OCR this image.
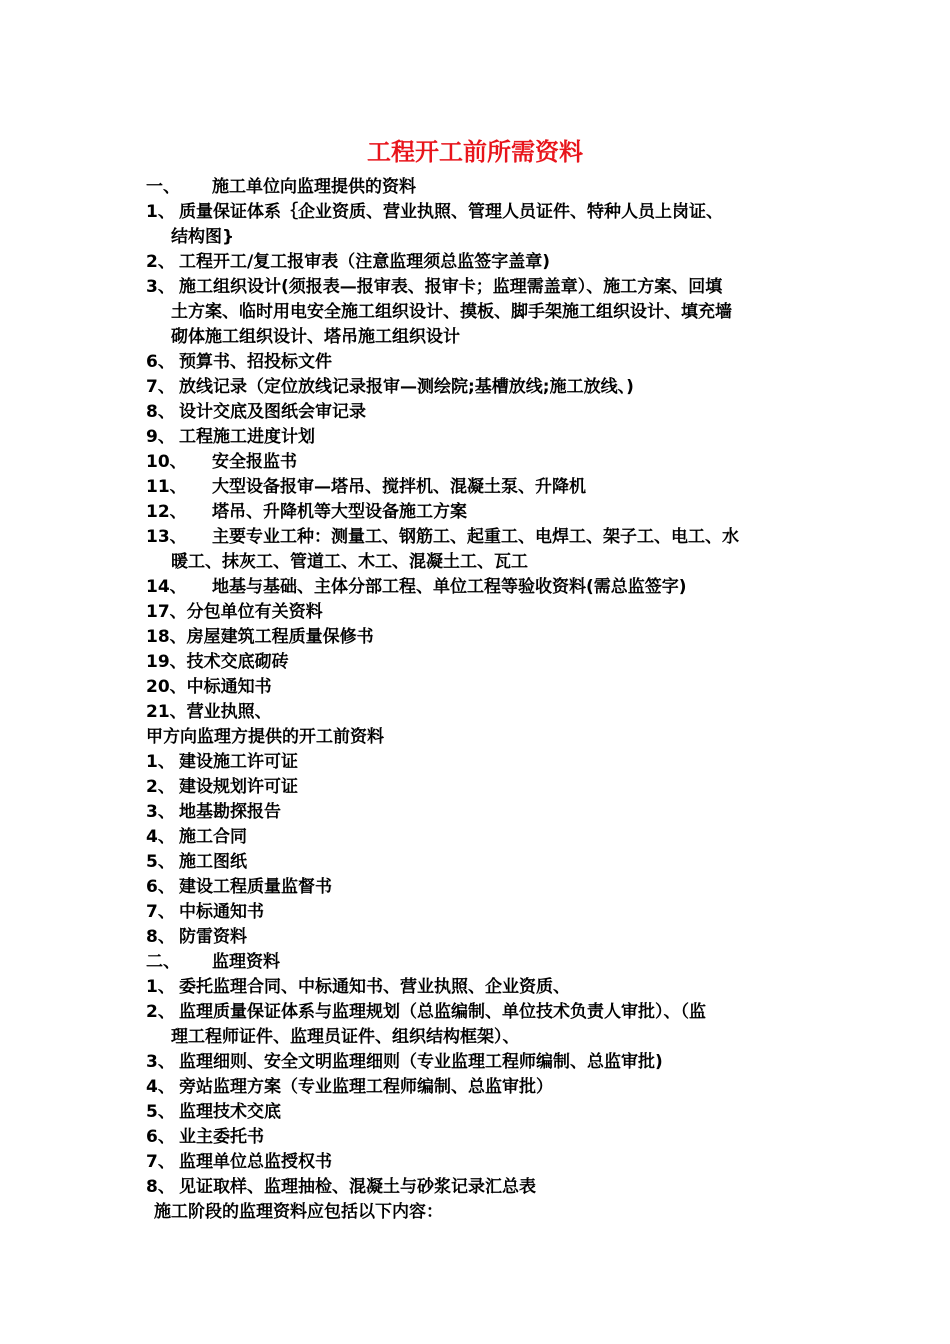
工程开工前所需资料
一、 施工单位向监理提供的资料
1、 质量保证体系｛企业资质、营业执照、管理人员证件、特种人员上岗证、
结构图}
2、 工程开工/复工报审表（注意监理须总监签字盖章)
3、 施工组织设计(须报表—报审表、报审卡；监理需盖章）、施工方案、回填
土方案、临时用电安全施工组织设计、摸板、脚手架施工组织设计、填充墙
砌体施工组织设计、塔吊施工组织设计
6、 预算书、招投标文件
7、 放线记录（定位放线记录报审—测绘院;基槽放线;施工放线、)
8、 设计交底及图纸会审记录
9、 工程施工进度计划
10、 安全报监书
11、 大型设备报审—塔吊、搅拌机、混凝土泵、升降机
12、 塔吊、升降机等大型设备施工方案
13、 主要专业工种：测量工、钢筋工、起重工、电焊工、架子工、电工、水
暖工、抹灰工、管道工、木工、混凝土工、瓦工
14、 地基与基础、主体分部工程、单位工程等验收资料(需总监签字)
17、分包单位有关资料
18、房屋建筑工程质量保修书
19、技术交底砌砖
20、中标通知书
21、营业执照、
甲方向监理方提供的开工前资料
1、 建设施工许可证
2、 建设规划许可证
3、 地基勘探报告
4、 施工合同
5、 施工图纸
6、 建设工程质量监督书
7、 中标通知书
8、 防雷资料
二、 监理资料
1、 委托监理合同、中标通知书、营业执照、企业资质、
2、 监理质量保证体系与监理规划（总监编制、单位技术负责人审批）、（监
理工程师证件、监理员证件、组织结构框架）、
3、 监理细则、安全文明监理细则（专业监理工程师编制、总监审批)
4、 旁站监理方案（专业监理工程师编制、总监审批）
5、 监理技术交底
6、 业主委托书
7、 监理单位总监授权书
8、 见证取样、监理抽检、混凝土与砂浆记录汇总表
施工阶段的监理资料应包括以下内容：
